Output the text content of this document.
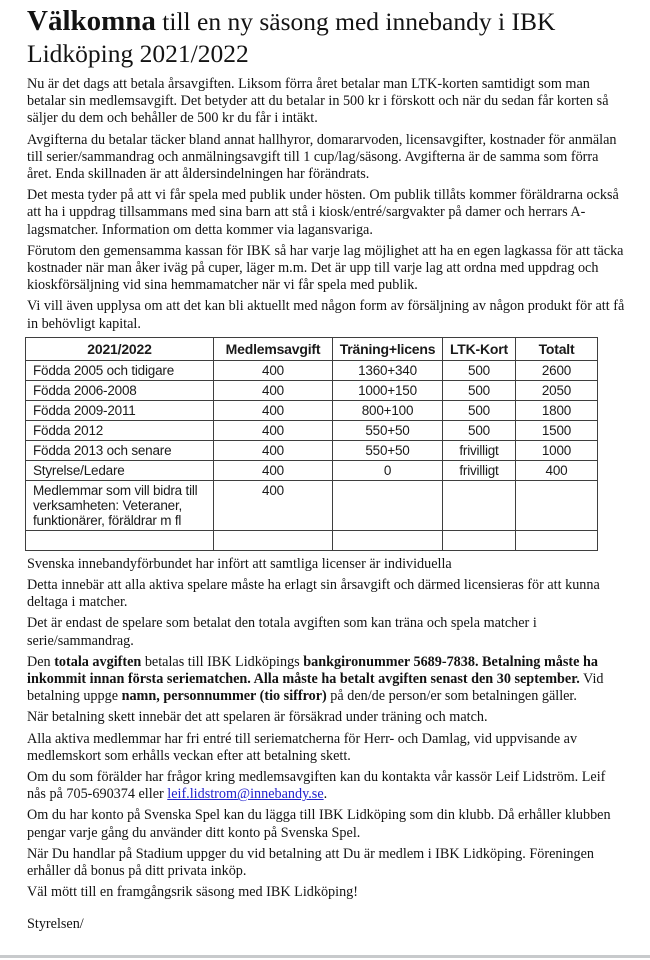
Välkomna till en ny säsong med innebandy i IBK Lidköping 2021/2022

Nu är det dags att betala årsavgiften. Liksom förra året betalar man LTK-korten samtidigt som man betalar sin medlemsavgift. Det betyder att du betalar in 500 kr i förskott och när du sedan får korten så säljer du dem och behåller de 500 kr du får i intäkt.

Avgifterna du betalar täcker bland annat hallhyror, domararvoden, licensavgifter, kostnader för anmälan till serier/sammandrag och anmälningsavgift till 1 cup/lag/säsong. Avgifterna är de samma som förra året. Enda skillnaden är att åldersindelningen har förändrats.

Det mesta tyder på att vi får spela med publik under hösten. Om publik tillåts kommer föräldrarna också att ha i uppdrag tillsammans med sina barn att stå i kiosk/entré/sargvakter på damer och herrars A-lagsmatcher. Information om detta kommer via lagansvariga.

Förutom den gemensamma kassan för IBK så har varje lag möjlighet att ha en egen lagkassa för att täcka kostnader när man åker iväg på cuper, läger m.m. Det är upp till varje lag att ordna med uppdrag och kioskförsäljning vid sina hemmamatcher när vi får spela med publik.

Vi vill även upplysa om att det kan bli aktuellt med någon form av försäljning av någon produkt för att få in behövligt kapital.

2021/2022	Medlemsavgift	Träning+licens	LTK-Kort	Totalt
Födda 2005 och tidigare	400	1360+340	500	2600
Födda 2006-2008	400	1000+150	500	2050
Födda 2009-2011	400	800+100	500	1800
Födda 2012	400	550+50	500	1500
Födda 2013 och senare	400	550+50	frivilligt	1000
Styrelse/Ledare	400	0	frivilligt	400
Medlemmar som vill bidra till verksamheten: Veteraner, funktionärer, föräldrar m fl	400			

Svenska innebandyförbundet har infört att samtliga licenser är individuella

Detta innebär att alla aktiva spelare måste ha erlagt sin årsavgift och därmed licensieras för att kunna deltaga i matcher.

Det är endast de spelare som betalat den totala avgiften som kan träna och spela matcher i serie/sammandrag.

Den totala avgiften betalas till IBK Lidköpings bankgironummer 5689-7838. Betalning måste ha inkommit innan första seriematchen. Alla måste ha betalt avgiften senast den 30 september. Vid betalning uppge namn, personnummer (tio siffror) på den/de person/er som betalningen gäller.

När betalning skett innebär det att spelaren är försäkrad under träning och match.

Alla aktiva medlemmar har fri entré till seriematcherna för Herr- och Damlag, vid uppvisande av medlemskort som erhålls veckan efter att betalning skett.

Om du som förälder har frågor kring medlemsavgiften kan du kontakta vår kassör Leif Lidström. Leif nås på 705-690374 eller leif.lidstrom@innebandy.se.

Om du har konto på Svenska Spel kan du lägga till IBK Lidköping som din klubb. Då erhåller klubben pengar varje gång du använder ditt konto på Svenska Spel.

När Du handlar på Stadium uppger du vid betalning att Du är medlem i IBK Lidköping. Föreningen erhåller då bonus på ditt privata inköp.

Väl mött till en framgångsrik säsong med IBK Lidköping!

Styrelsen/
